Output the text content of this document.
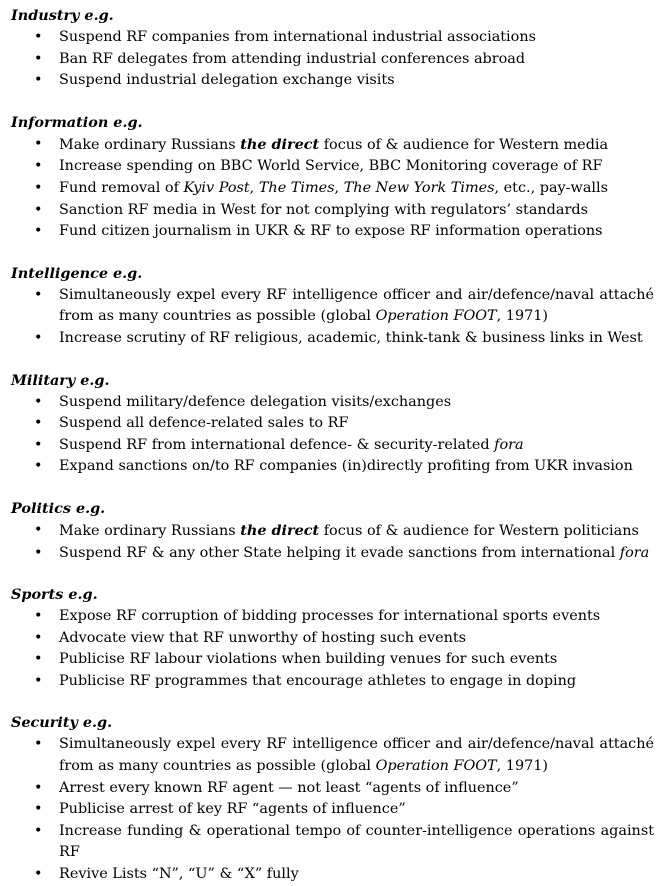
Industry e.g.
• Suspend RF companies from international industrial associations
• Ban RF delegates from attending industrial conferences abroad
• Suspend industrial delegation exchange visits
Information e.g.
• Make ordinary Russians the direct focus of & audience for Western media
• Increase spending on BBC World Service, BBC Monitoring coverage of RF
• Fund removal of Kyiv Post, The Times, The New York Times, etc., pay-walls
• Sanction RF media in West for not complying with regulators’ standards
• Fund citizen journalism in UKR & RF to expose RF information operations
Intelligence e.g.
• Simultaneously expel every RF intelligence officer and air/defence/naval attaché from as many countries as possible (global Operation FOOT, 1971)
• Increase scrutiny of RF religious, academic, think-tank & business links in West
Military e.g.
• Suspend military/defence delegation visits/exchanges
• Suspend all defence-related sales to RF
• Suspend RF from international defence- & security-related fora
• Expand sanctions on/to RF companies (in)directly profiting from UKR invasion
Politics e.g.
• Make ordinary Russians the direct focus of & audience for Western politicians
• Suspend RF & any other State helping it evade sanctions from international fora
Sports e.g.
• Expose RF corruption of bidding processes for international sports events
• Advocate view that RF unworthy of hosting such events
• Publicise RF labour violations when building venues for such events
• Publicise RF programmes that encourage athletes to engage in doping
Security e.g.
• Simultaneously expel every RF intelligence officer and air/defence/naval attaché from as many countries as possible (global Operation FOOT, 1971)
• Arrest every known RF agent — not least “agents of influence”
• Publicise arrest of key RF “agents of influence”
• Increase funding & operational tempo of counter-intelligence operations against RF
• Revive Lists “N”, “U” & “X” fully
